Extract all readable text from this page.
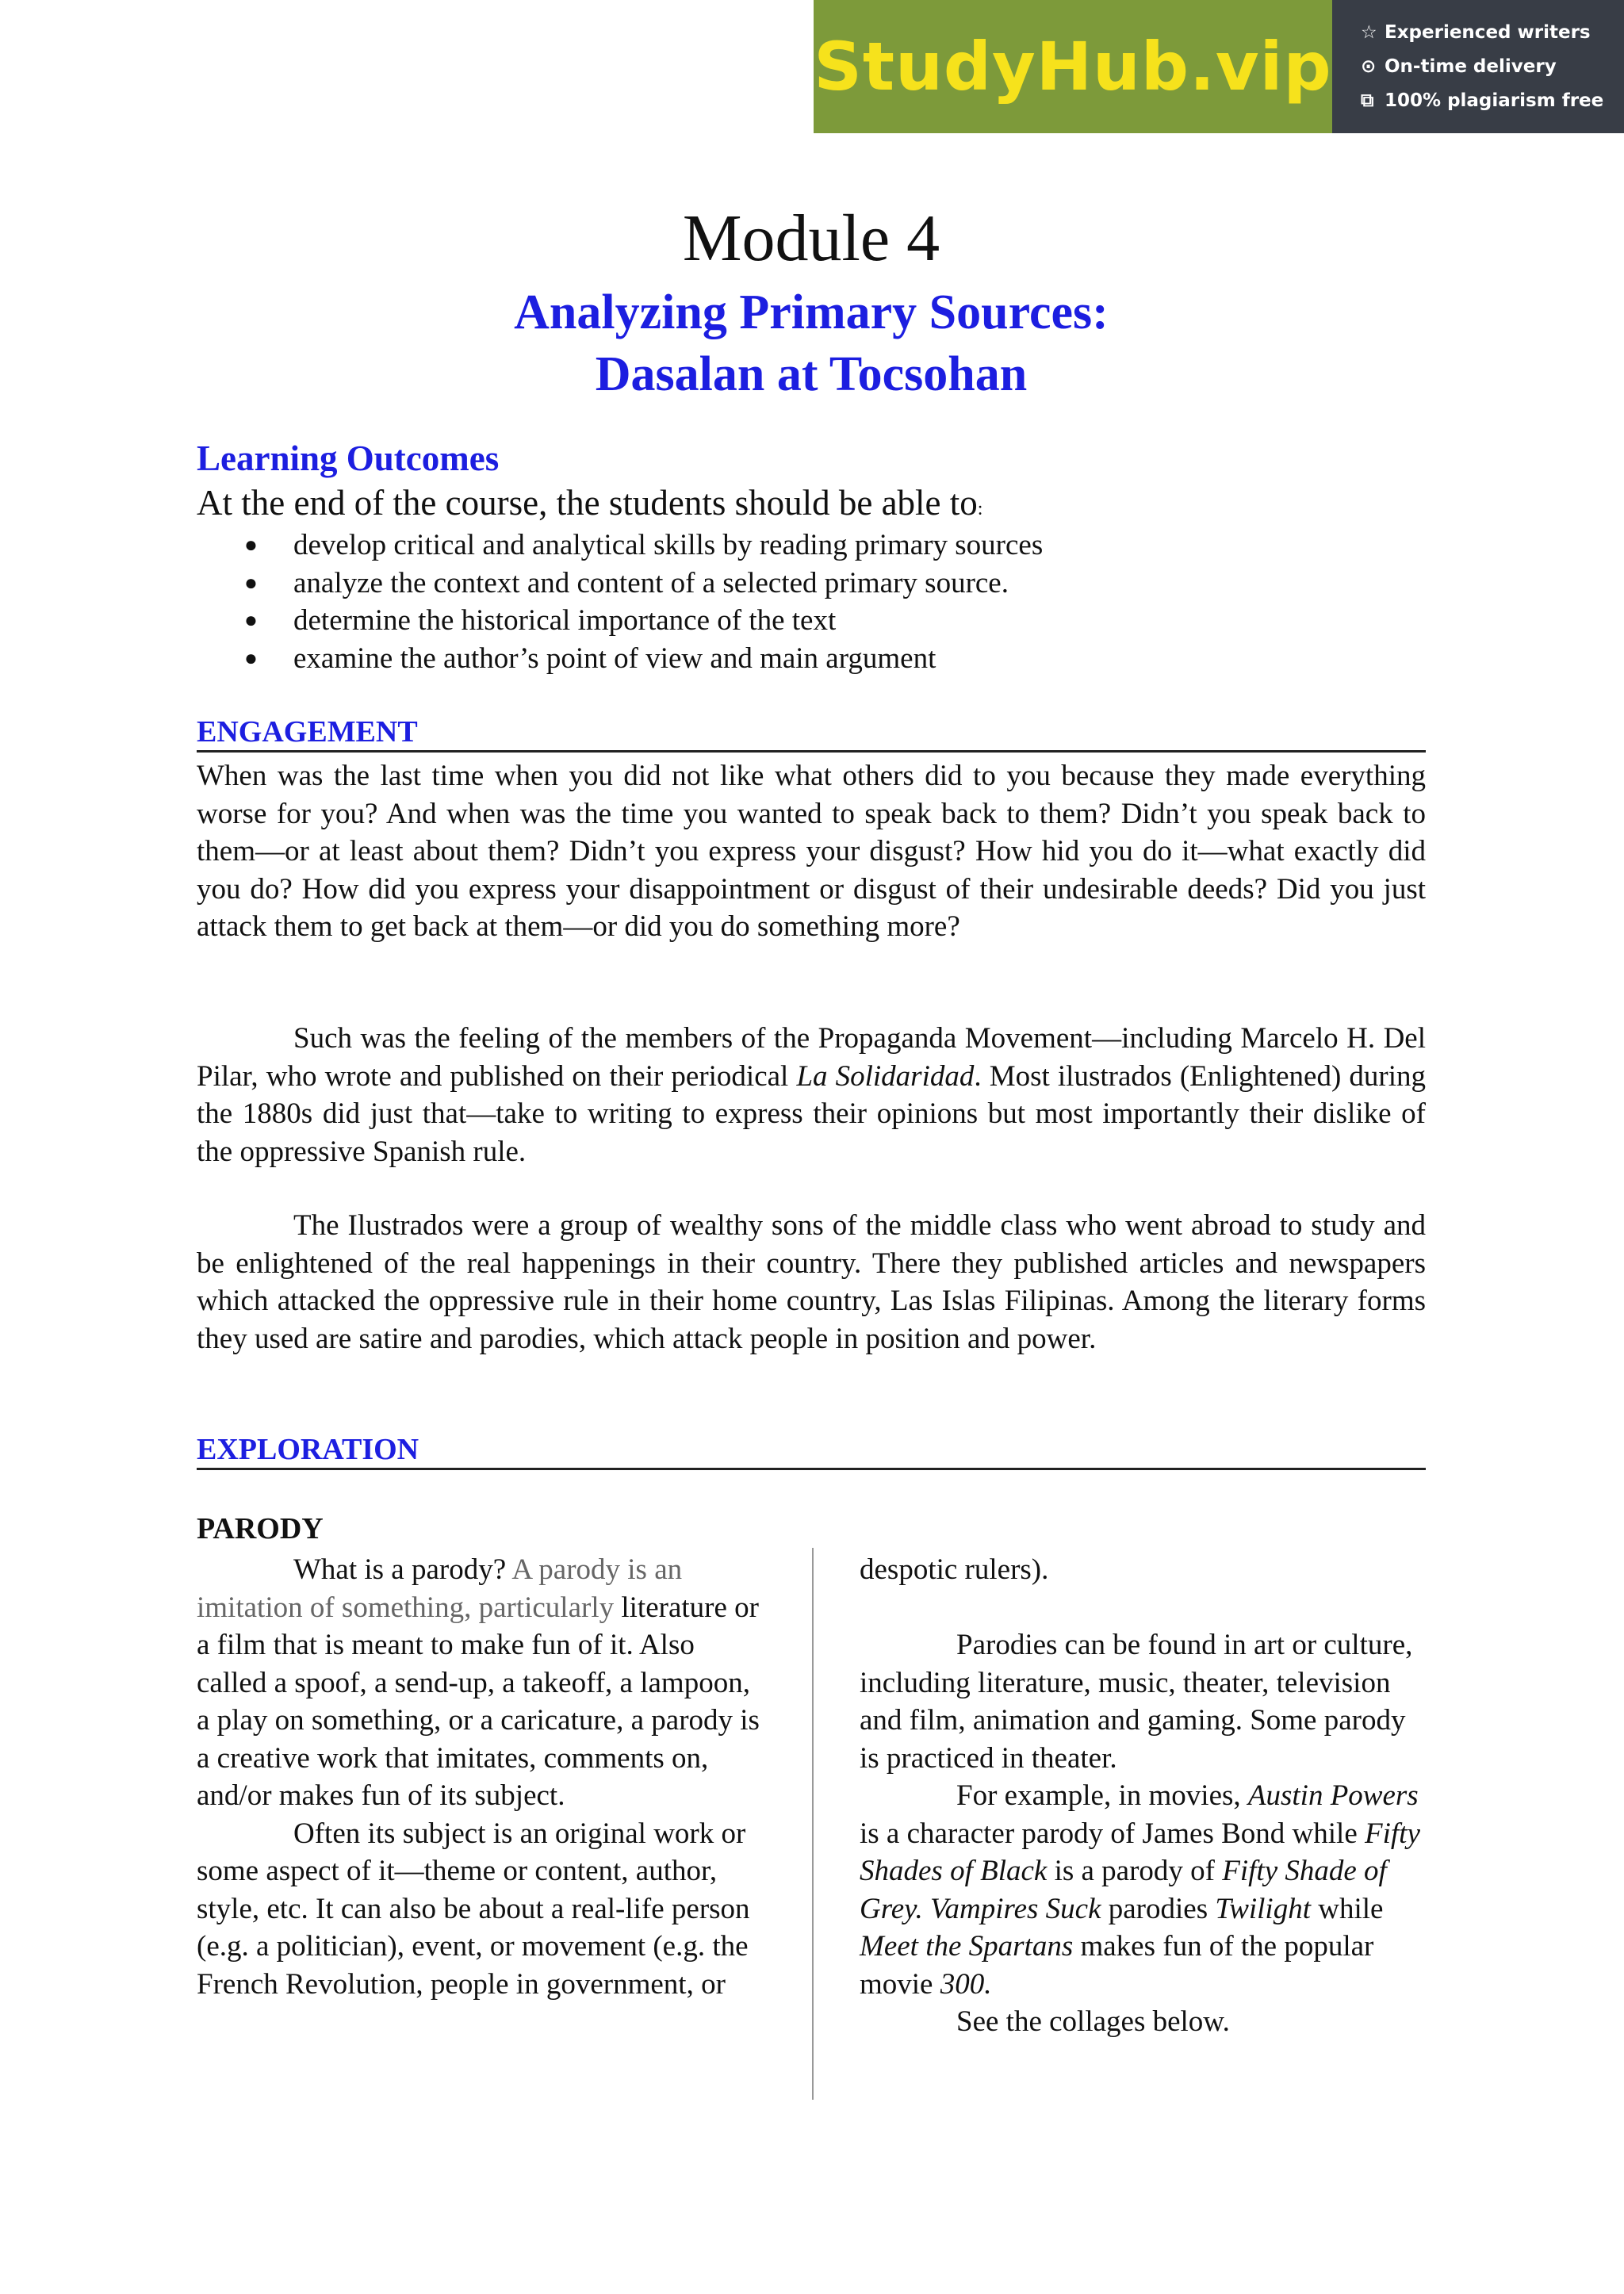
StudyHub.vip ☆ Experienced writers
⊙ On-time delivery
⧉ 100% plagiarism free
Module 4
Analyzing Primary Sources:
Dasalan at Tocsohan
Learning Outcomes
At the end of the course, the students should be able to:
● develop critical and analytical skills by reading primary sources
● analyze the context and content of a selected primary source.
● determine the historical importance of the text
● examine the author’s point of view and main argument
ENGAGEMENT

When was the last time when you did not like what others did to you because they made everything worse for you? And when was the time you wanted to speak back to them? Didn’t you speak back to them—or at least about them? Didn’t you express your disgust? How hid you do it—what exactly did you do? How did you express your disappointment or disgust of their undesirable deeds? Did you just attack them to get back at them—or did you do something more?

Such was the feeling of the members of the Propaganda Movement—including Marcelo H. Del Pilar, who wrote and published on their periodical La Solidaridad. Most ilustrados (Enlightened) during the 1880s did just that—take to writing to express their opinions but most importantly their dislike of the oppressive Spanish rule.

The Ilustrados were a group of wealthy sons of the middle class who went abroad to study and be enlightened of the real happenings in their country. There they published articles and newspapers which attacked the oppressive rule in their home country, Las Islas Filipinas. Among the literary forms they used are satire and parodies, which attack people in position and power.

EXPLORATION
PARODY

What is a parody? A parody is an imitation of something, particularly literature or a film that is meant to make fun of it. Also called a spoof, a send-up, a takeoff, a lampoon, a play on something, or a caricature, a parody is a creative work that imitates, comments on, and/or makes fun of its subject.

Often its subject is an original work or some aspect of it—theme or content, author, style, etc. It can also be about a real-life person (e.g. a politician), event, or movement (e.g. the French Revolution, people in government, or

despotic rulers).

Parodies can be found in art or culture, including literature, music, theater, television and film, animation and gaming. Some parody is practiced in theater.

For example, in movies, Austin Powers is a character parody of James Bond while Fifty Shades of Black is a parody of Fifty Shade of Grey. Vampires Suck parodies Twilight while Meet the Spartans makes fun of the popular movie 300.

See the collages below.
